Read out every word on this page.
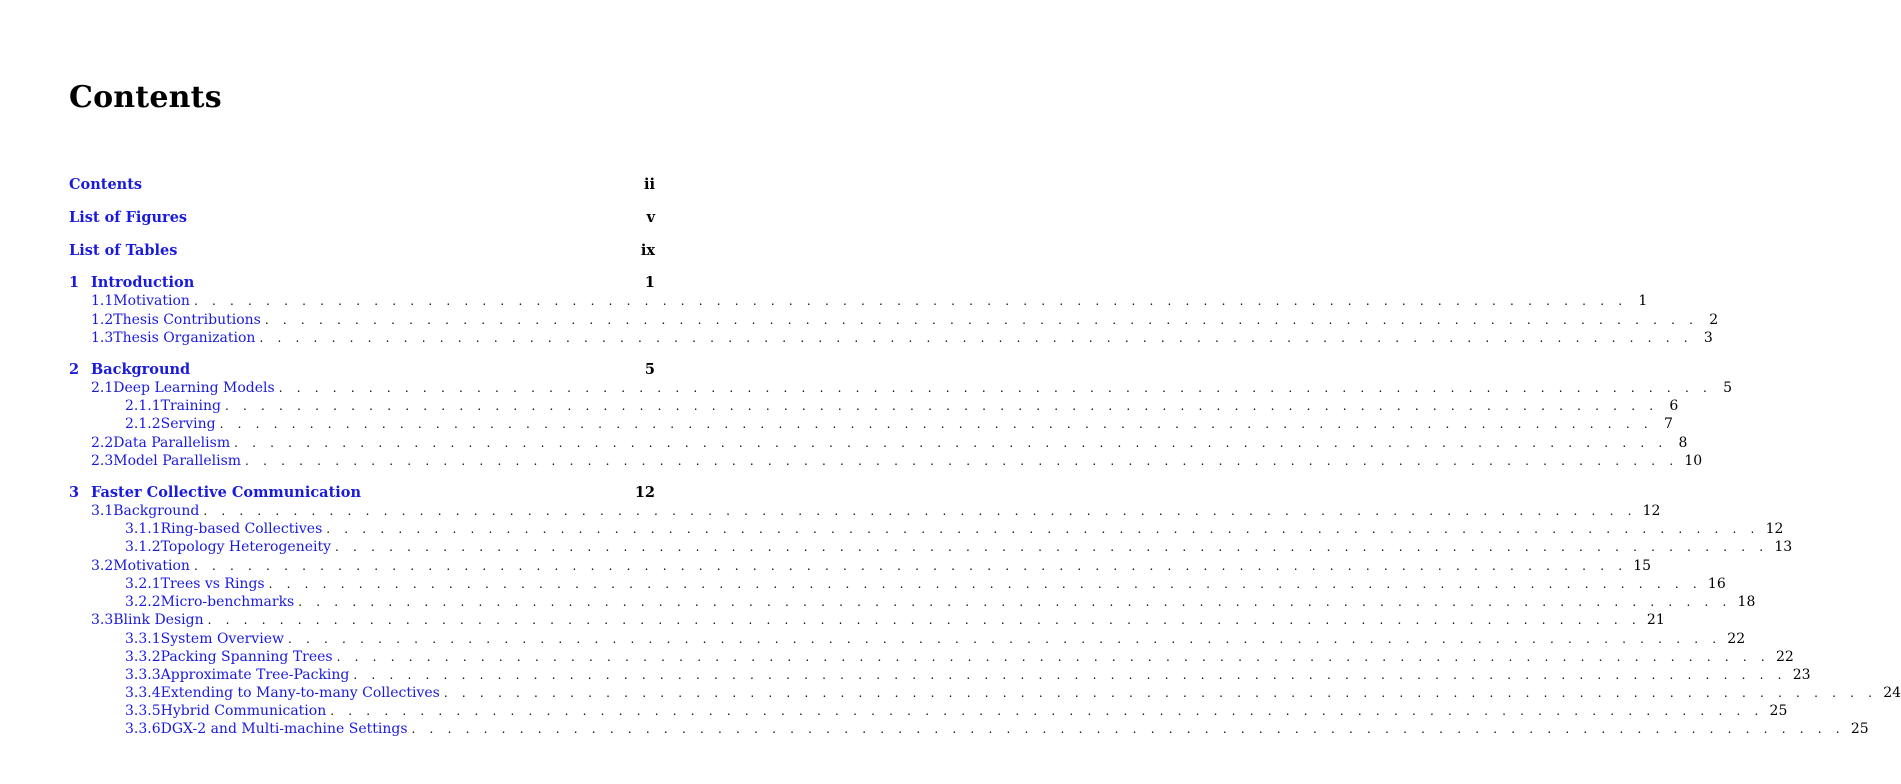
Contents
Contents	ii
List of Figures	v
List of Tables	ix
1 Introduction	1
1.1 Motivation . . . . . . . . . . . . . . . . . . . . . . . . . . . . . . . . . . . . . . . . . . . . . . . . . . . . . . . . . . . . . . . . . . . . . . . . . . . . . . . . 1
1.2 Thesis Contributions . . . . . . . . . . . . . . . . . . . . . . . . . . . . . . . . . . . . . . . . . . . . . . . . . . . . . . . . . . . . . . . . . . . . . . . . . . . . . . . . 2
1.3 Thesis Organization . . . . . . . . . . . . . . . . . . . . . . . . . . . . . . . . . . . . . . . . . . . . . . . . . . . . . . . . . . . . . . . . . . . . . . . . . . . . . . . . 3
2 Background	5
2.1 Deep Learning Models . . . . . . . . . . . . . . . . . . . . . . . . . . . . . . . . . . . . . . . . . . . . . . . . . . . . . . . . . . . . . . . . . . . . . . . . . . . . . . . . 5
2.1.1 Training . . . . . . . . . . . . . . . . . . . . . . . . . . . . . . . . . . . . . . . . . . . . . . . . . . . . . . . . . . . . . . . . . . . . . . . . . . . . . . . . 6
2.1.2 Serving . . . . . . . . . . . . . . . . . . . . . . . . . . . . . . . . . . . . . . . . . . . . . . . . . . . . . . . . . . . . . . . . . . . . . . . . . . . . . . . . 7
2.2 Data Parallelism . . . . . . . . . . . . . . . . . . . . . . . . . . . . . . . . . . . . . . . . . . . . . . . . . . . . . . . . . . . . . . . . . . . . . . . . . . . . . . . . 8
2.3 Model Parallelism . . . . . . . . . . . . . . . . . . . . . . . . . . . . . . . . . . . . . . . . . . . . . . . . . . . . . . . . . . . . . . . . . . . . . . . . . . . . . . . . 10
3 Faster Collective Communication	12
3.1 Background . . . . . . . . . . . . . . . . . . . . . . . . . . . . . . . . . . . . . . . . . . . . . . . . . . . . . . . . . . . . . . . . . . . . . . . . . . . . . . . . 12
3.1.1 Ring-based Collectives . . . . . . . . . . . . . . . . . . . . . . . . . . . . . . . . . . . . . . . . . . . . . . . . . . . . . . . . . . . . . . . . . . . . . . . . . . . . . . . . 12
3.1.2 Topology Heterogeneity . . . . . . . . . . . . . . . . . . . . . . . . . . . . . . . . . . . . . . . . . . . . . . . . . . . . . . . . . . . . . . . . . . . . . . . . . . . . . . . . 13
3.2 Motivation . . . . . . . . . . . . . . . . . . . . . . . . . . . . . . . . . . . . . . . . . . . . . . . . . . . . . . . . . . . . . . . . . . . . . . . . . . . . . . . . 15
3.2.1 Trees vs Rings . . . . . . . . . . . . . . . . . . . . . . . . . . . . . . . . . . . . . . . . . . . . . . . . . . . . . . . . . . . . . . . . . . . . . . . . . . . . . . . . 16
3.2.2 Micro-benchmarks . . . . . . . . . . . . . . . . . . . . . . . . . . . . . . . . . . . . . . . . . . . . . . . . . . . . . . . . . . . . . . . . . . . . . . . . . . . . . . . . 18
3.3 Blink Design . . . . . . . . . . . . . . . . . . . . . . . . . . . . . . . . . . . . . . . . . . . . . . . . . . . . . . . . . . . . . . . . . . . . . . . . . . . . . . . . 21
3.3.1 System Overview . . . . . . . . . . . . . . . . . . . . . . . . . . . . . . . . . . . . . . . . . . . . . . . . . . . . . . . . . . . . . . . . . . . . . . . . . . . . . . . . 22
3.3.2 Packing Spanning Trees . . . . . . . . . . . . . . . . . . . . . . . . . . . . . . . . . . . . . . . . . . . . . . . . . . . . . . . . . . . . . . . . . . . . . . . . . . . . . . . . 22
3.3.3 Approximate Tree-Packing . . . . . . . . . . . . . . . . . . . . . . . . . . . . . . . . . . . . . . . . . . . . . . . . . . . . . . . . . . . . . . . . . . . . . . . . . . . . . . . . 23
3.3.4 Extending to Many-to-many Collectives . . . . . . . . . . . . . . . . . . . . . . . . . . . . . . . . . . . . . . . . . . . . . . . . . . . . . . . . . . . . . . . . . . . . . . . . . . . . . . . . 24
3.3.5 Hybrid Communication . . . . . . . . . . . . . . . . . . . . . . . . . . . . . . . . . . . . . . . . . . . . . . . . . . . . . . . . . . . . . . . . . . . . . . . . . . . . . . . . 25
3.3.6 DGX-2 and Multi-machine Settings . . . . . . . . . . . . . . . . . . . . . . . . . . . . . . . . . . . . . . . . . . . . . . . . . . . . . . . . . . . . . . . . . . . . . . . . . . . . . . . . 25
